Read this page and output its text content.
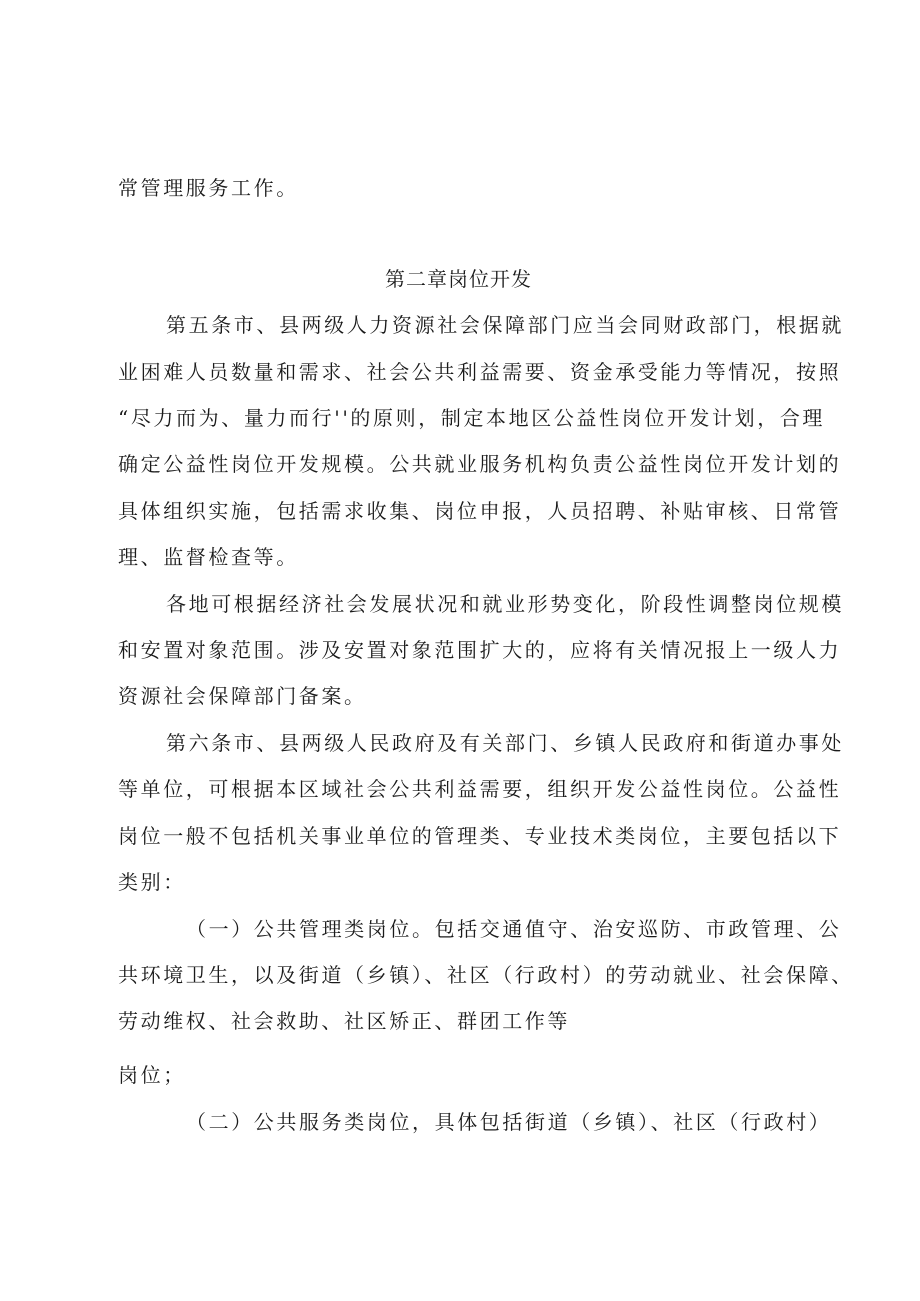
常管理服务工作。
第二章岗位开发
第五条市、县两级人力资源社会保障部门应当会同财政部门，根据就
业困难人员数量和需求、社会公共利益需要、资金承受能力等情况，按照
“尽力而为、量力而行''的原则，制定本地区公益性岗位开发计划，合理
确定公益性岗位开发规模。公共就业服务机构负责公益性岗位开发计划的
具体组织实施，包括需求收集、岗位申报，人员招聘、补贴审核、日常管
理、监督检查等。
各地可根据经济社会发展状况和就业形势变化，阶段性调整岗位规模
和安置对象范围。涉及安置对象范围扩大的，应将有关情况报上一级人力
资源社会保障部门备案。
第六条市、县两级人民政府及有关部门、乡镇人民政府和街道办事处
等单位，可根据本区域社会公共利益需要，组织开发公益性岗位。公益性
岗位一般不包括机关事业单位的管理类、专业技术类岗位，主要包括以下
类别：
（一）公共管理类岗位。包括交通值守、治安巡防、市政管理、公
共环境卫生，以及街道（乡镇）、社区（行政村）的劳动就业、社会保障、
劳动维权、社会救助、社区矫正、群团工作等
岗位；
（二）公共服务类岗位，具体包括街道（乡镇）、社区（行政村）
